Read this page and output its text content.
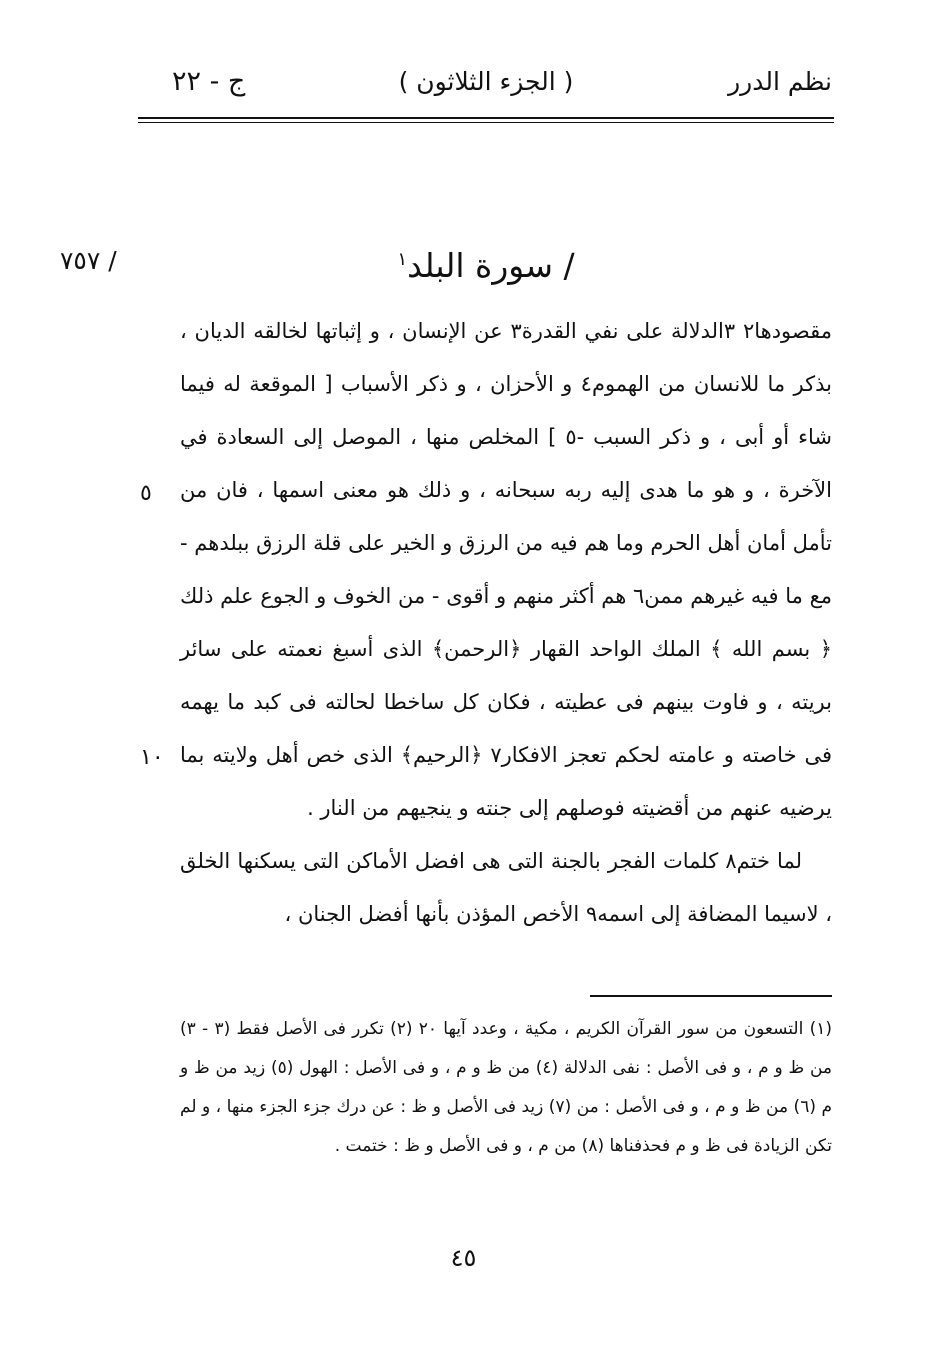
نظم الدرر
( الجزء الثلاثون )
ج - ٢٢
/ سورة البلد$^١$
/ ٧٥٧
٥
١٠

مقصودها٢ ٣الدلالة على نفي القدرة٣ عن الإنسان ، و إثباتها لخالقه الديان ، بذكر ما للانسان من الهموم٤ و الأحزان ، و ذكر الأسباب [ الموقعة له فيما شاء أو أبى ، و ذكر السبب -٥ ] المخلص منها ، الموصل إلى السعادة في الآخرة ، و هو ما هدى إليه ربه سبحانه ، و ذلك هو معنى اسمها ، فان من تأمل أمان أهل الحرم وما هم فيه من الرزق و الخير على قلة الرزق ببلدهم - مع ما فيه غيرهم ممن٦ هم أكثر منهم و أقوى - من الخوف و الجوع علم ذلك ﴿ بسم الله ﴾ الملك الواحد القهار ﴿الرحمن﴾ الذى أسبغ نعمته على سائر بريته ، و فاوت بينهم فى عطيته ، فكان كل ساخطا لحالته فى كبد ما يهمه فى خاصته و عامته لحكم تعجز الافكار٧ ﴿الرحيم﴾ الذى خص أهل ولايته بما يرضيه عنهم من أقضيته فوصلهم إلى جنته و ينجيهم من النار .

لما ختم٨ كلمات الفجر بالجنة التى هى افضل الأماكن التى يسكنها الخلق ، لاسيما المضافة إلى اسمه٩ الأخص المؤذن بأنها أفضل الجنان ،

(١) التسعون من سور القرآن الكريم ، مكية ، وعدد آيها ٢٠ (٢) تكرر فى الأصل فقط (٣ - ٣) من ظ و م ، و فى الأصل : نفى الدلالة (٤) من ظ و م ، و فى الأصل : الهول (٥) زيد من ظ و م (٦) من ظ و م ، و فى الأصل : من (٧) زيد فى الأصل و ظ : عن درك جزء الجزء منها ، و لم تكن الزيادة فى ظ و م فحذفناها (٨) من م ، و فى الأصل و ظ : ختمت .
٤٥
